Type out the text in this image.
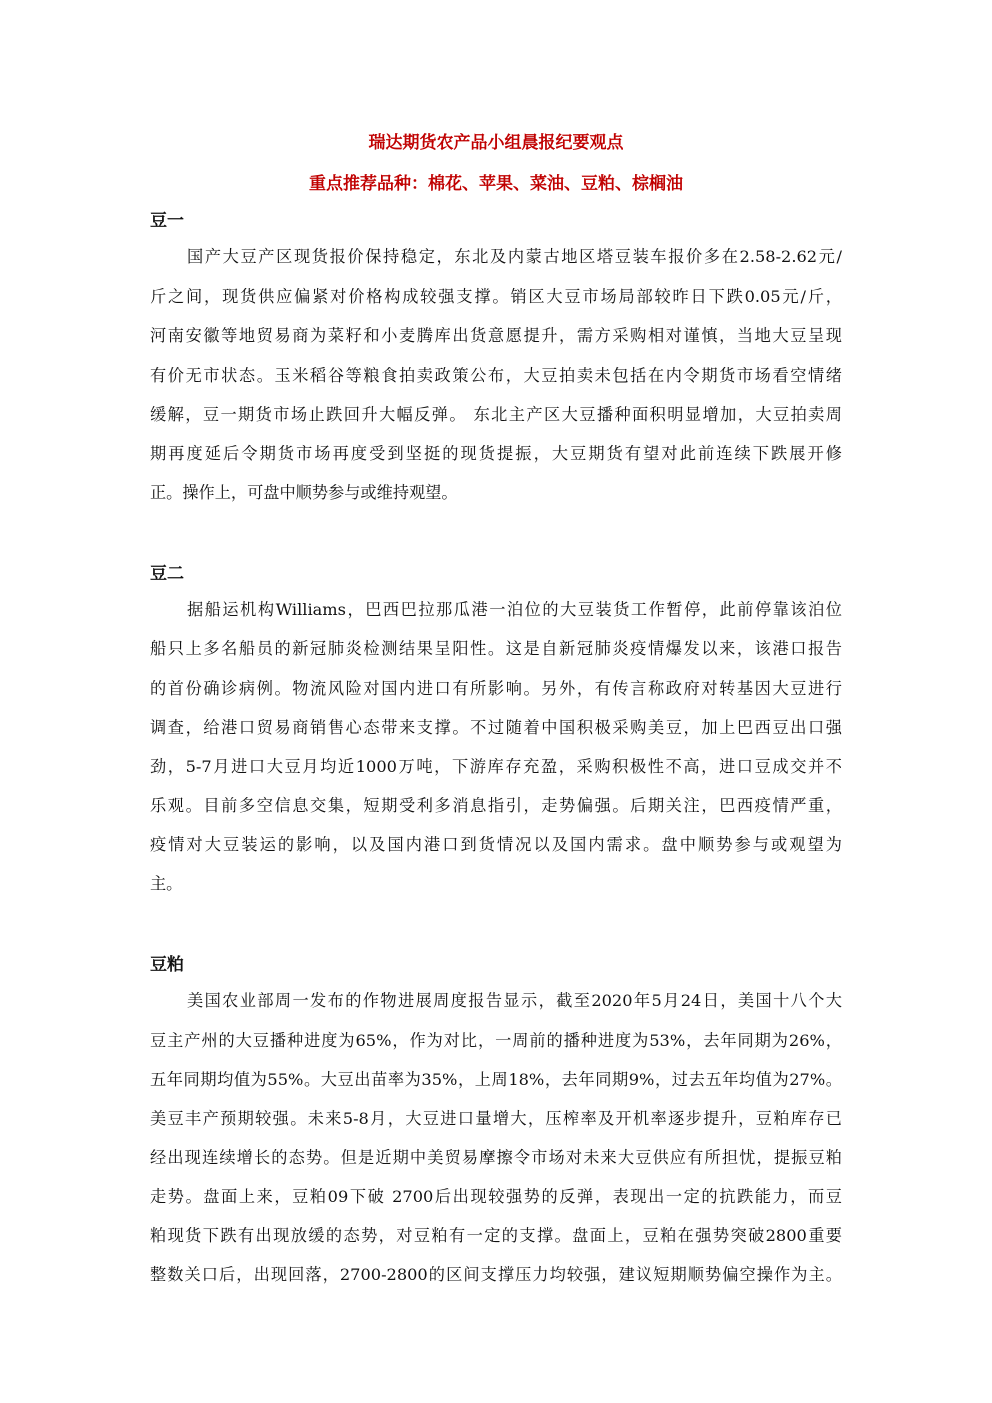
瑞达期货农产品小组晨报纪要观点
重点推荐品种：棉花、苹果、菜油、豆粕、棕榈油
豆一
国产大豆产区现货报价保持稳定，东北及内蒙古地区塔豆装车报价多在2.58-2.62元/
斤之间，现货供应偏紧对价格构成较强支撑。销区大豆市场局部较昨日下跌0.05元/斤，
河南安徽等地贸易商为菜籽和小麦腾库出货意愿提升，需方采购相对谨慎，当地大豆呈现
有价无市状态。玉米稻谷等粮食拍卖政策公布，大豆拍卖未包括在内令期货市场看空情绪
缓解，豆一期货市场止跌回升大幅反弹。 东北主产区大豆播种面积明显增加，大豆拍卖周
期再度延后令期货市场再度受到坚挺的现货提振，大豆期货有望对此前连续下跌展开修
正。操作上，可盘中顺势参与或维持观望。
豆二
据船运机构Williams，巴西巴拉那瓜港一泊位的大豆装货工作暂停，此前停靠该泊位
船只上多名船员的新冠肺炎检测结果呈阳性。这是自新冠肺炎疫情爆发以来，该港口报告
的首份确诊病例。物流风险对国内进口有所影响。另外，有传言称政府对转基因大豆进行
调查，给港口贸易商销售心态带来支撑。不过随着中国积极采购美豆，加上巴西豆出口强
劲，5-7月进口大豆月均近1000万吨，下游库存充盈，采购积极性不高，进口豆成交并不
乐观。目前多空信息交集，短期受利多消息指引，走势偏强。后期关注，巴西疫情严重，
疫情对大豆装运的影响，以及国内港口到货情况以及国内需求。盘中顺势参与或观望为
主。
豆粕
美国农业部周一发布的作物进展周度报告显示，截至2020年5月24日，美国十八个大
豆主产州的大豆播种进度为65%，作为对比，一周前的播种进度为53%，去年同期为26%，
五年同期均值为55%。大豆出苗率为35%，上周18%，去年同期9%，过去五年均值为27%。
美豆丰产预期较强。未来5-8月，大豆进口量增大，压榨率及开机率逐步提升，豆粕库存已
经出现连续增长的态势。但是近期中美贸易摩擦令市场对未来大豆供应有所担忧，提振豆粕
走势。盘面上来，豆粕09下破 2700后出现较强势的反弹，表现出一定的抗跌能力，而豆
粕现货下跌有出现放缓的态势，对豆粕有一定的支撑。盘面上，豆粕在强势突破2800重要
整数关口后，出现回落，2700-2800的区间支撑压力均较强，建议短期顺势偏空操作为主。
